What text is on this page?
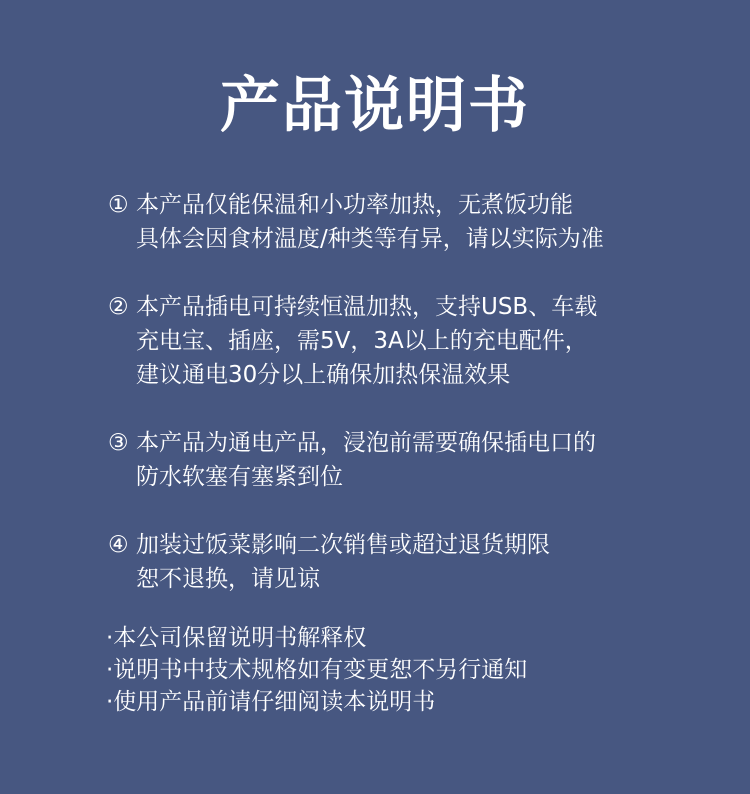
产品说明书
① 本产品仅能保温和小功率加热，无煮饭功能
具体会因食材温度/种类等有异，请以实际为准
② 本产品插电可持续恒温加热，支持USB、车载
充电宝、插座，需5V，3A以上的充电配件，
建议通电30分以上确保加热保温效果
③ 本产品为通电产品，浸泡前需要确保插电口的
防水软塞有塞紧到位
④ 加装过饭菜影响二次销售或超过退货期限
恕不退换，请见谅
·本公司保留说明书解释权
·说明书中技术规格如有变更恕不另行通知
·使用产品前请仔细阅读本说明书
